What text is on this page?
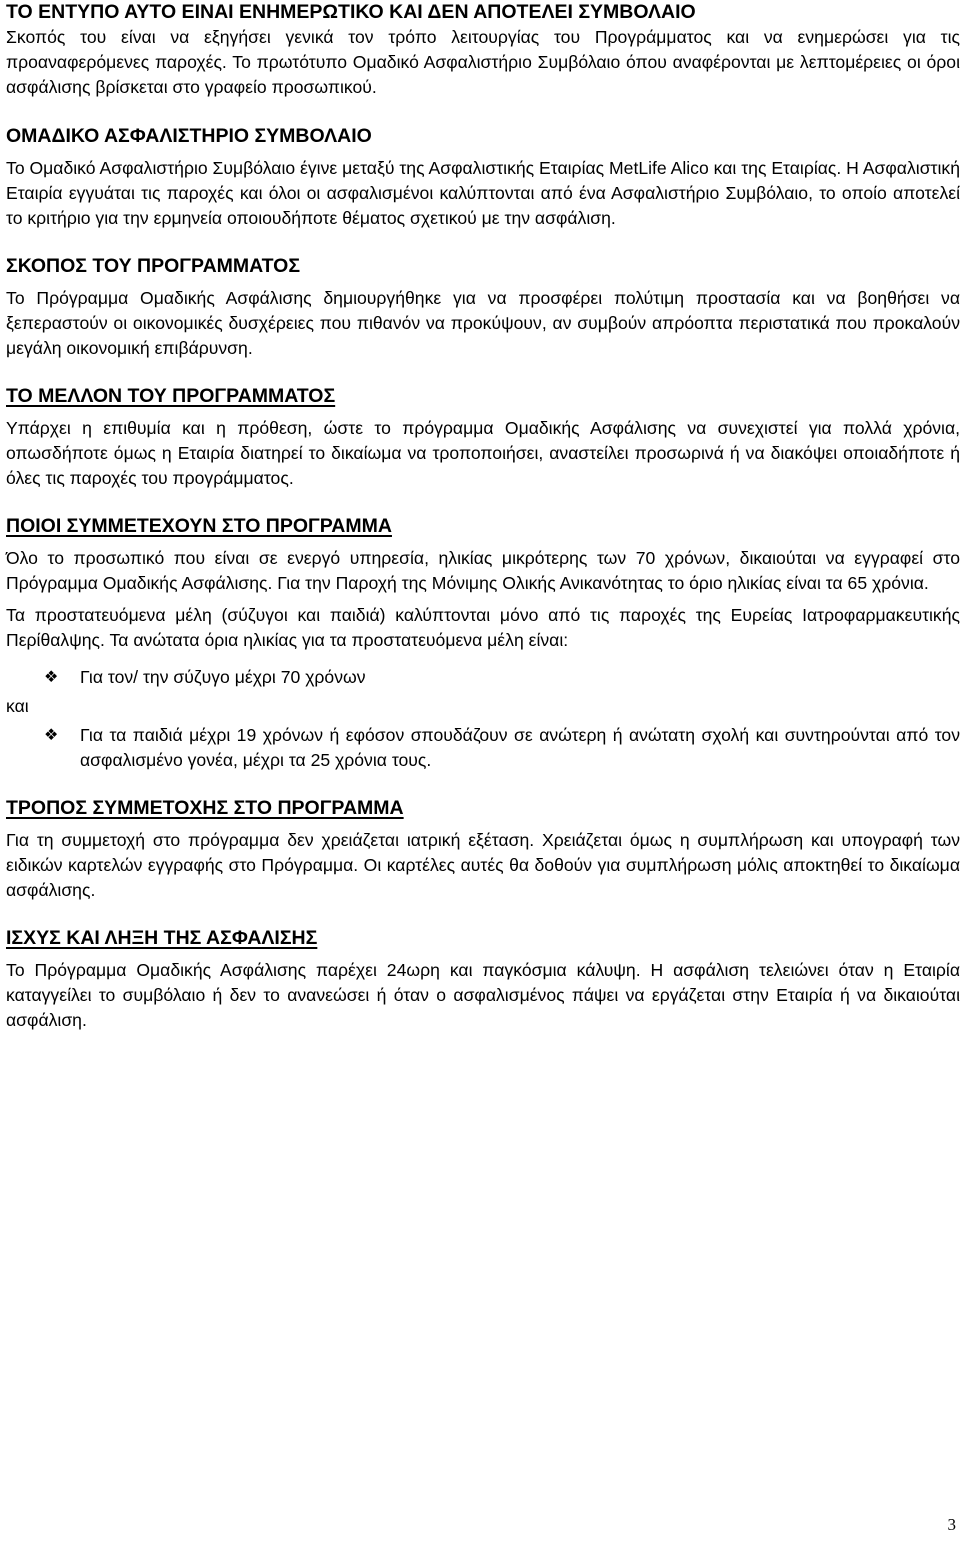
ΤΟ ΕΝΤΥΠΟ ΑΥΤΟ ΕΙΝΑΙ ΕΝΗΜΕΡΩΤΙΚΟ ΚΑΙ ΔΕΝ ΑΠΟΤΕΛΕΙ ΣΥΜΒΟΛΑΙΟ

Σκοπός του είναι να εξηγήσει γενικά τον τρόπο λειτουργίας του Προγράμματος και να ενημερώσει για τις προαναφερόμενες παροχές. Το πρωτότυπο Ομαδικό Ασφαλιστήριο Συμβόλαιο όπου αναφέρονται με λεπτομέρειες οι όροι ασφάλισης βρίσκεται στο γραφείο προσωπικού.

ΟΜΑΔΙΚΟ ΑΣΦΑΛΙΣΤΗΡΙΟ ΣΥΜΒΟΛΑΙΟ

Το Ομαδικό Ασφαλιστήριο Συμβόλαιο έγινε μεταξύ της Ασφαλιστικής Εταιρίας MetLife Alico και της Εταιρίας. Η Ασφαλιστική Εταιρία εγγυάται τις παροχές και όλοι οι ασφαλισμένοι καλύπτονται από ένα Ασφαλιστήριο Συμβόλαιο, το οποίο αποτελεί το κριτήριο για την ερμηνεία οποιουδήποτε θέματος σχετικού με την ασφάλιση.

ΣΚΟΠΟΣ ΤΟΥ ΠΡΟΓΡΑΜΜΑΤΟΣ

Το Πρόγραμμα Ομαδικής Ασφάλισης δημιουργήθηκε για να προσφέρει πολύτιμη προστασία και να βοηθήσει να ξεπεραστούν οι οικονομικές δυσχέρειες που πιθανόν να προκύψουν, αν συμβούν απρόοπτα περιστατικά που προκαλούν μεγάλη οικονομική επιβάρυνση.

ΤΟ ΜΕΛΛΟΝ ΤΟΥ ΠΡΟΓΡΑΜΜΑΤΟΣ

Υπάρχει η επιθυμία και η πρόθεση, ώστε το πρόγραμμα Ομαδικής Ασφάλισης να συνεχιστεί για πολλά χρόνια, οπωσδήποτε όμως η Εταιρία διατηρεί το δικαίωμα να τροποποιήσει, αναστείλει προσωρινά ή να διακόψει οποιαδήποτε ή όλες τις παροχές του προγράμματος.

ΠΟΙΟΙ ΣΥΜΜΕΤΕΧΟΥΝ ΣΤΟ ΠΡΟΓΡΑΜΜΑ

Όλο το προσωπικό που είναι σε ενεργό υπηρεσία, ηλικίας μικρότερης των 70 χρόνων, δικαιούται να εγγραφεί στο Πρόγραμμα Ομαδικής Ασφάλισης. Για την Παροχή της Μόνιμης Ολικής Ανικανότητας το όριο ηλικίας είναι τα 65 χρόνια.

Τα προστατευόμενα μέλη (σύζυγοι και παιδιά) καλύπτονται μόνο από τις παροχές της Ευρείας Ιατροφαρμακευτικής Περίθαλψης. Τα ανώτατα όρια ηλικίας για τα προστατευόμενα μέλη είναι:

❖ Για τον/ την σύζυγο μέχρι 70 χρόνων
και
❖ Για τα παιδιά μέχρι 19 χρόνων ή εφόσον σπουδάζουν σε ανώτερη ή ανώτατη σχολή και συντηρούνται από τον ασφαλισμένο γονέα, μέχρι τα 25 χρόνια τους.
ΤΡΟΠΟΣ ΣΥΜΜΕΤΟΧΗΣ ΣΤΟ ΠΡΟΓΡΑΜΜΑ

Για τη συμμετοχή στο πρόγραμμα δεν χρειάζεται ιατρική εξέταση. Χρειάζεται όμως η συμπλήρωση και υπογραφή των ειδικών καρτελών εγγραφής στο Πρόγραμμα. Οι καρτέλες αυτές θα δοθούν για συμπλήρωση μόλις αποκτηθεί το δικαίωμα ασφάλισης.

ΙΣΧΥΣ ΚΑΙ ΛΗΞΗ ΤΗΣ ΑΣΦΑΛΙΣΗΣ

Το Πρόγραμμα Ομαδικής Ασφάλισης παρέχει 24ωρη και παγκόσμια κάλυψη. Η ασφάλιση τελειώνει όταν η Εταιρία καταγγείλει το συμβόλαιο ή δεν το ανανεώσει ή όταν ο ασφαλισμένος πάψει να εργάζεται στην Εταιρία ή να δικαιούται ασφάλιση.

3
